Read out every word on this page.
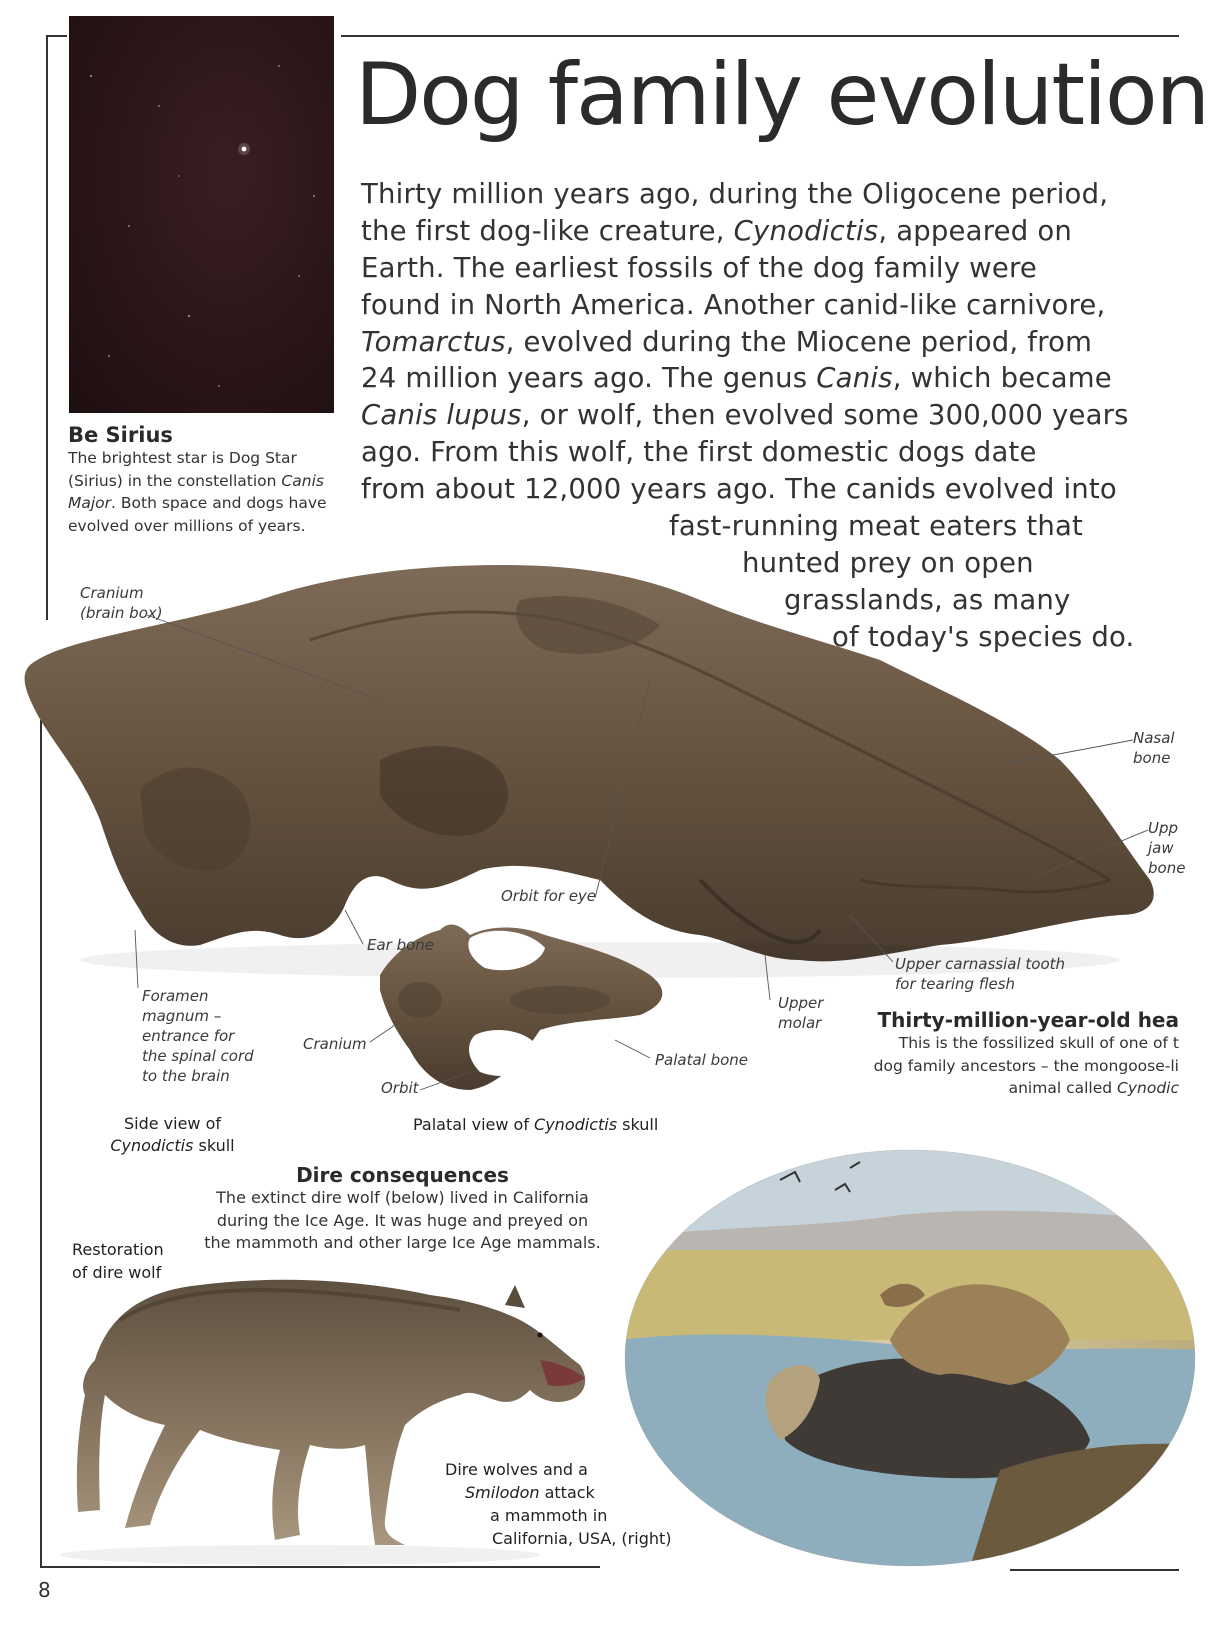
Dog family evolution
Thirty million years ago, during the Oligocene period,
the first dog-like creature, Cynodictis, appeared on
Earth. The earliest fossils of the dog family were
found in North America. Another canid-like carnivore,
Tomarctus, evolved during the Miocene period, from
24 million years ago. The genus Canis, which became
Canis lupus, or wolf, then evolved some 300,000 years
ago. From this wolf, the first domestic dogs date
from about 12,000 years ago. The canids evolved into
fast-running meat eaters that
hunted prey on open
grasslands, as many
of today's species do.
Be Sirius
The brightest star is Dog Star
(Sirius) in the constellation Canis
Major. Both space and dogs have
evolved over millions of years.
Cranium
(brain box)
Nasal
bone
Upp
jaw
bone
Orbit for eye
Ear bone
Upper carnassial tooth
for tearing flesh
Foramen
magnum –
entrance for
the spinal cord
to the brain
Cranium
Upper
molar
Palatal bone
Orbit
Thirty-million-year-old hea
This is the fossilized skull of one of t
dog family ancestors – the mongoose-li
animal called Cynodic
Side view of
Cynodictis skull
Palatal view of Cynodictis skull
Dire consequences
The extinct dire wolf (below) lived in California
during the Ice Age. It was huge and preyed on
the mammoth and other large Ice Age mammals.
Restoration
of dire wolf
Dire wolves and a
Smilodon attack
a mammoth in
California, USA, (right)
8
